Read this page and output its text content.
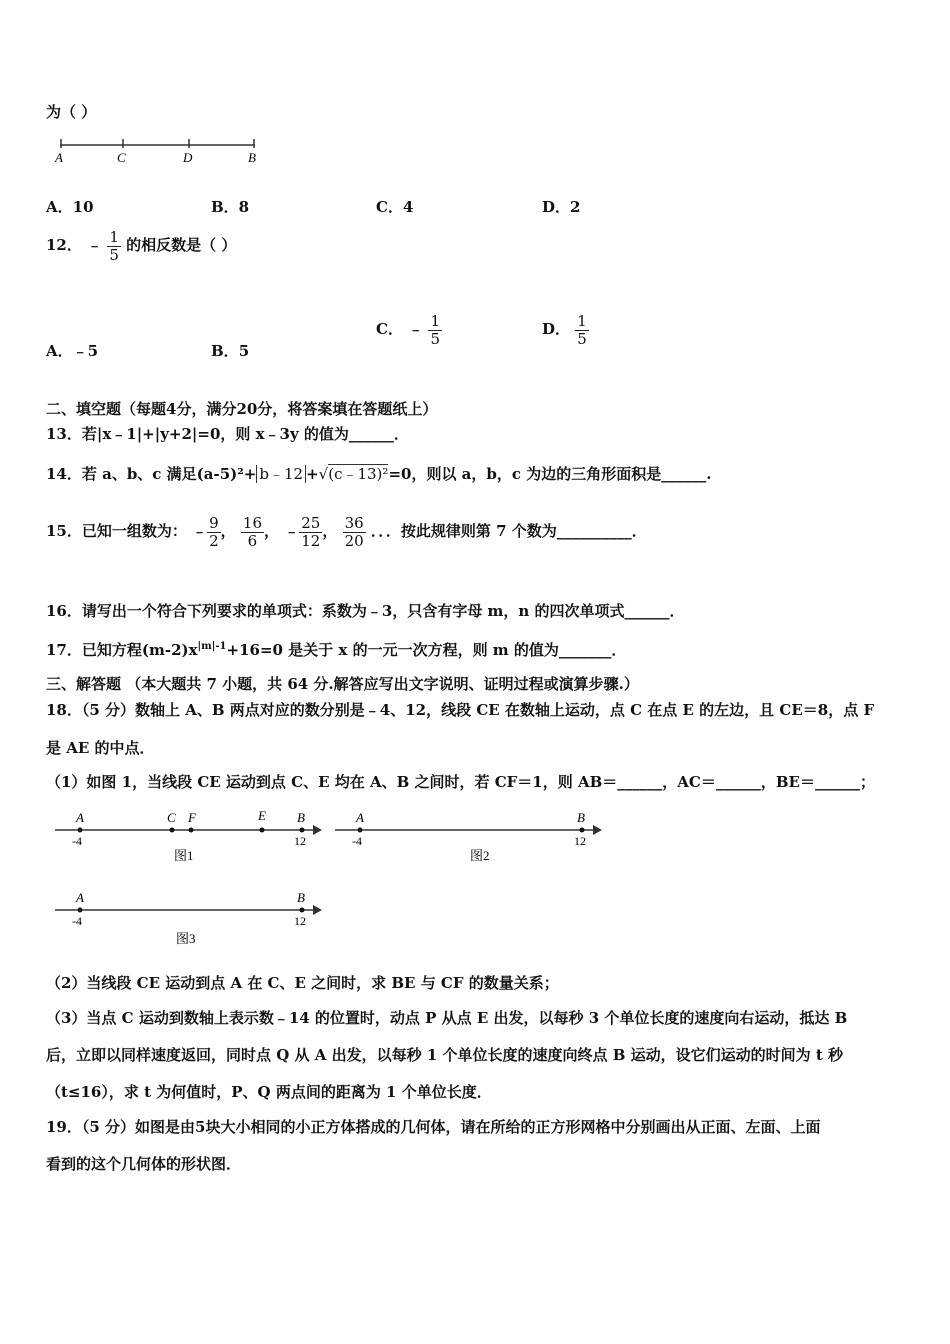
为（ ）
A	C	D	B
A．10	B．8	C．4	D．2
12． ﹣ $\frac{1}{5}$ 的相反数是（ ）
A．﹣5	B．5
C． ﹣ $\frac{1}{5}$	D． $\frac{1}{5}$
二、填空题（每题4分，满分20分，将答案填在答题纸上）
13．若|x﹣1|+|y+2|=0，则 x﹣3y 的值为______．
14．若 a、b、c 满足(a-5)²+ b﹣12 +√(c﹣13)²=0，则以 a，b，c 为边的三角形面积是______.
15．已知一组数为： ﹣ $\frac{9}{2}$ ， $\frac{16}{6}$ ， ﹣ $\frac{25}{12}$ ， $\frac{36}{20}$ ．．．按此规律则第 7 个数为__________．
16．请写出一个符合下列要求的单项式：系数为﹣3，只含有字母 m，n 的四次单项式______．
17．已知方程$(m-2)x^{|m|-1}+16=0$ 是关于 x 的一元一次方程，则 m 的值为_______．
三、解答题 （本大题共 7 小题，共 64 分.解答应写出文字说明、证明过程或演算步骤.）
18．（5 分）数轴上 A、B 两点对应的数分别是﹣4、12，线段 CE 在数轴上运动，点 C 在点 E 的左边，且 CE＝8，点 F
是 AE 的中点．
（1）如图 1，当线段 CE 运动到点 C、E 均在 A、B 之间时，若 CF＝1，则 AB＝______，AC＝______，BE＝______；
A	C F	E B
-4	12
图1
A	B
-4	12
图2
A	B
-4	12
图3
（2）当线段 CE 运动到点 A 在 C、E 之间时，求 BE 与 CF 的数量关系；
（3）当点 C 运动到数轴上表示数﹣14 的位置时，动点 P 从点 E 出发，以每秒 3 个单位长度的速度向右运动，抵达 B
后，立即以同样速度返回，同时点 Q 从 A 出发，以每秒 1 个单位长度的速度向终点 B 运动，设它们运动的时间为 t 秒
（t≤16），求 t 为何值时，P、Q 两点间的距离为 1 个单位长度．
19．（5 分）如图是由5块大小相同的小正方体搭成的几何体，请在所给的正方形网格中分别画出从正面、左面、上面
看到的这个几何体的形状图．
